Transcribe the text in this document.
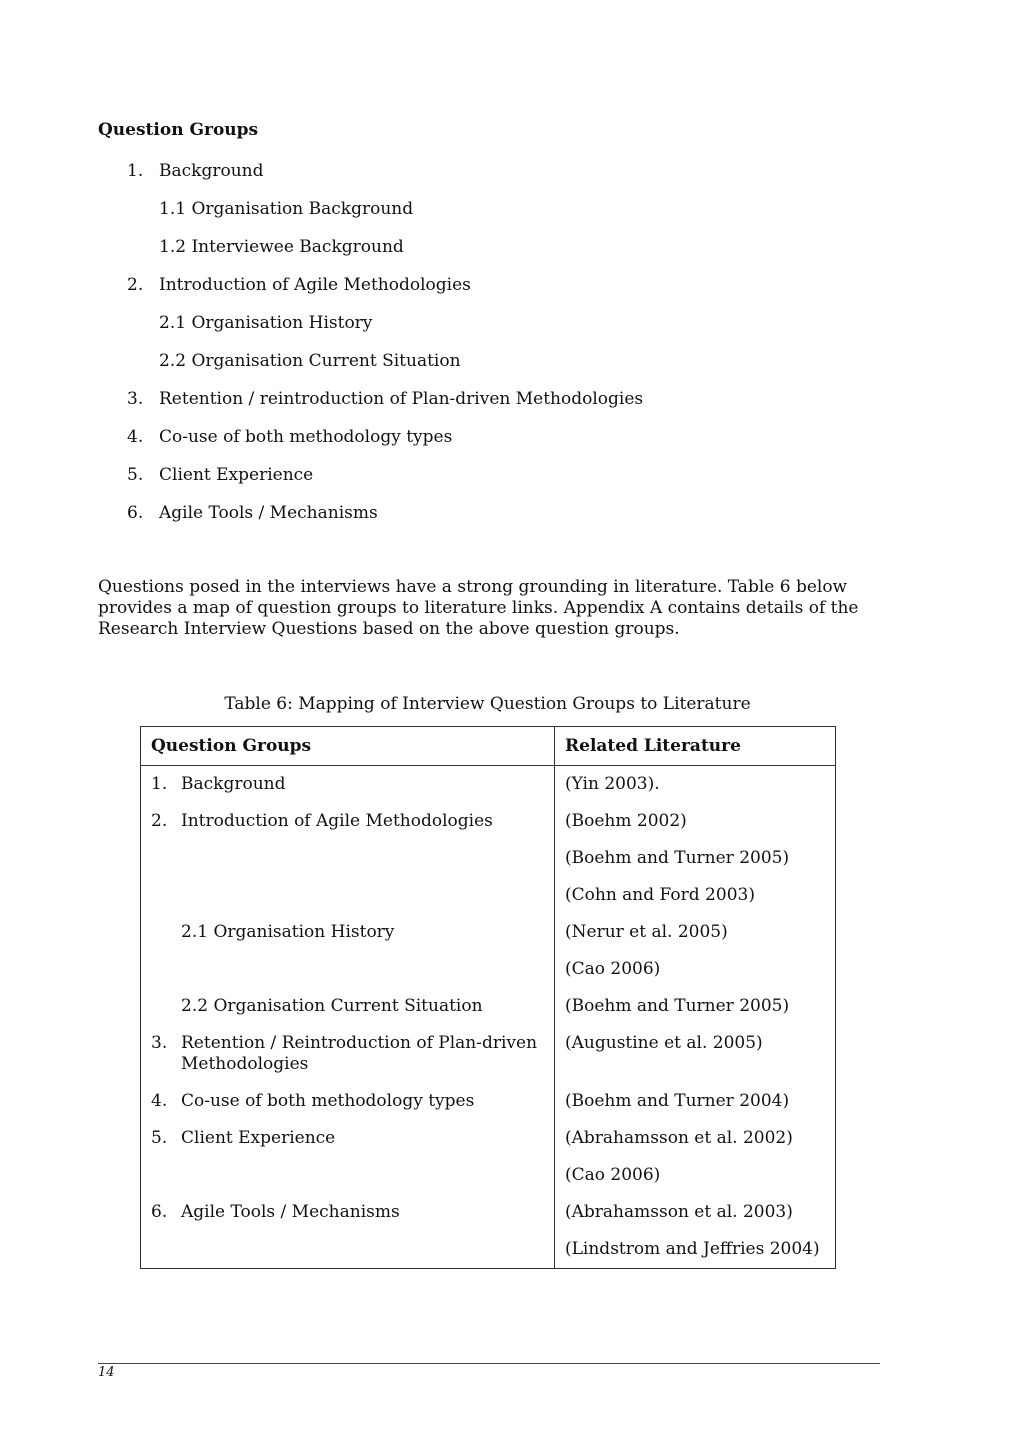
Question Groups
1. Background
1.1 Organisation Background
1.2 Interviewee Background
2. Introduction of Agile Methodologies
2.1 Organisation History
2.2 Organisation Current Situation
3. Retention / reintroduction of Plan-driven Methodologies
4. Co-use of both methodology types
5. Client Experience
6. Agile Tools / Mechanisms

Questions posed in the interviews have a strong grounding in literature. Table 6 below provides a map of question groups to literature links. Appendix A contains details of the Research Interview Questions based on the above question groups.

Table 6: Mapping of Interview Question Groups to Literature

Question Groups	Related Literature

1. Background	(Yin 2003).

2. Introduction of Agile Methodologies	(Boehm 2002)

	(Boehm and Turner 2005)

	(Cohn and Ford 2003)

2.1 Organisation History	(Nerur et al. 2005)

	(Cao 2006)

2.2 Organisation Current Situation	(Boehm and Turner 2005)

3. Retention / Reintroduction of Plan-driven Methodologies	(Augustine et al. 2005)

4. Co-use of both methodology types	(Boehm and Turner 2004)

5. Client Experience	(Abrahamsson et al. 2002)

	(Cao 2006)

6. Agile Tools / Mechanisms	(Abrahamsson et al. 2003)

	(Lindstrom and Jeffries 2004)
14
